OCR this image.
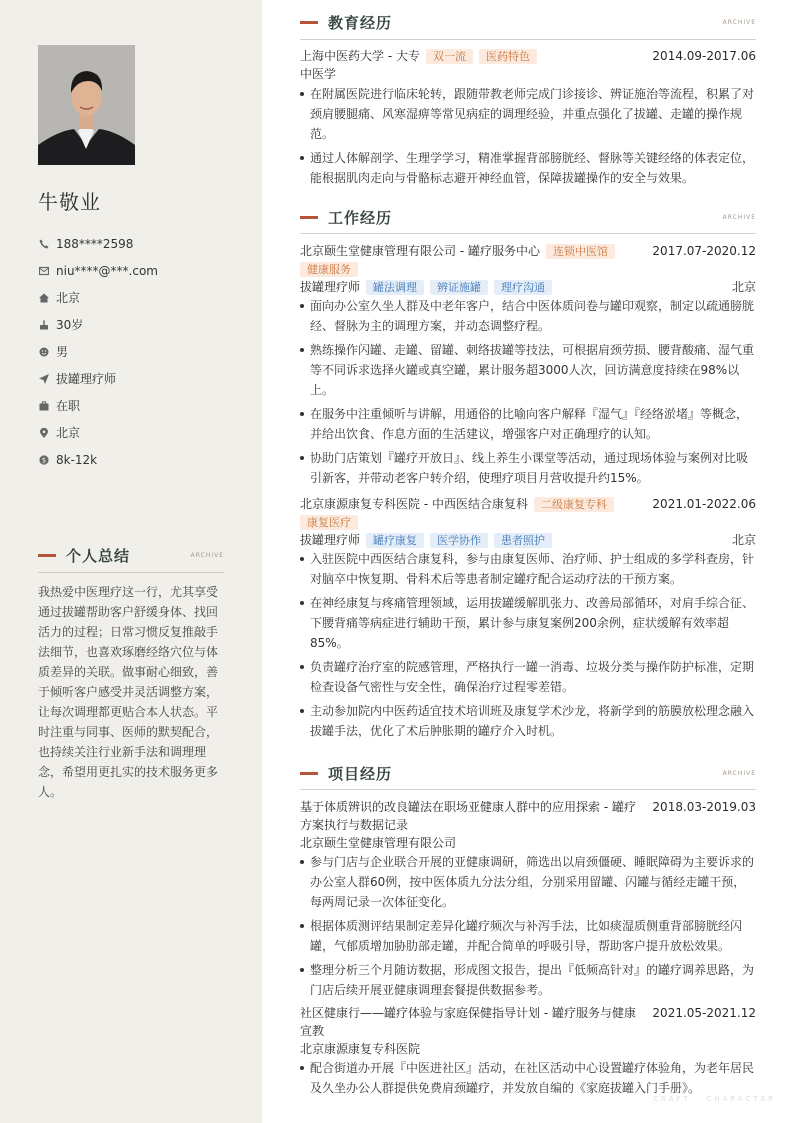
牛敬业
188****2598
niu****@***.com
北京
30岁
男
拔罐理疗师
在职
北京
$ 8k-12k
个人总结	ARCHIVE
我热爱中医理疗这一行，尤其享受通过拔罐帮助客户舒缓身体、找回活力的过程；日常习惯反复推敲手法细节，也喜欢琢磨经络穴位与体质差异的关联。做事耐心细致，善于倾听客户感受并灵活调整方案，让每次调理都更贴合本人状态。平时注重与同事、医师的默契配合，也持续关注行业新手法和调理理念，希望用更扎实的技术服务更多人。
教育经历	ARCHIVE
上海中医药大学 - 大专	双一流	医药特色	2014.09-2017.06
中医学
在附属医院进行临床轮转，跟随带教老师完成门诊接诊、辨证施治等流程，积累了对颈肩腰腿痛、风寒湿痹等常见病症的调理经验，并重点强化了拔罐、走罐的操作规范。
通过人体解剖学、生理学学习，精准掌握背部膀胱经、督脉等关键经络的体表定位，能根据肌肉走向与骨骼标志避开神经血管，保障拔罐操作的安全与效果。
工作经历	ARCHIVE
北京颐生堂健康管理有限公司 - 罐疗服务中心	连锁中医馆	2017.07-2020.12
健康服务
拔罐理疗师	罐法调理	辨证施罐	理疗沟通	北京
面向办公室久坐人群及中老年客户，结合中医体质问卷与罐印观察，制定以疏通膀胱经、督脉为主的调理方案，并动态调整疗程。
熟练操作闪罐、走罐、留罐、刺络拔罐等技法，可根据肩颈劳损、腰背酸痛、湿气重等不同诉求选择火罐或真空罐，累计服务超3000人次，回访满意度持续在98%以上。
在服务中注重倾听与讲解，用通俗的比喻向客户解释『湿气』『经络淤堵』等概念，并给出饮食、作息方面的生活建议，增强客户对正确理疗的认知。
协助门店策划『罐疗开放日』、线上养生小课堂等活动，通过现场体验与案例对比吸引新客，并带动老客户转介绍，使理疗项目月营收提升约15%。
北京康源康复专科医院 - 中西医结合康复科	二级康复专科	2021.01-2022.06
康复医疗
拔罐理疗师	罐疗康复	医学协作	患者照护	北京
入驻医院中西医结合康复科，参与由康复医师、治疗师、护士组成的多学科查房，针对脑卒中恢复期、骨科术后等患者制定罐疗配合运动疗法的干预方案。
在神经康复与疼痛管理领域，运用拔罐缓解肌张力、改善局部循环，对肩手综合征、下腰背痛等病症进行辅助干预，累计参与康复案例200余例，症状缓解有效率超85%。
负责罐疗治疗室的院感管理，严格执行一罐一消毒、垃圾分类与操作防护标准，定期检查设备气密性与安全性，确保治疗过程零差错。
主动参加院内中医药适宜技术培训班及康复学术沙龙，将新学到的筋膜放松理念融入拔罐手法，优化了术后肿胀期的罐疗介入时机。
项目经历	ARCHIVE
基于体质辨识的改良罐法在职场亚健康人群中的应用探索 - 罐疗
方案执行与数据记录
2018.03-2019.03
北京颐生堂健康管理有限公司
参与门店与企业联合开展的亚健康调研，筛选出以肩颈僵硬、睡眠障碍为主要诉求的办公室人群60例，按中医体质九分法分组，分别采用留罐、闪罐与循经走罐干预，每两周记录一次体征变化。
根据体质测评结果制定差异化罐疗频次与补泻手法，比如痰湿质侧重背部膀胱经闪罐，气郁质增加胁肋部走罐，并配合简单的呼吸引导，帮助客户提升放松效果。
整理分析三个月随访数据，形成图文报告，提出『低频高针对』的罐疗调养思路，为门店后续开展亚健康调理套餐提供数据参考。
社区健康行——罐疗体验与家庭保健指导计划 - 罐疗服务与健康
宣教
2021.05-2021.12
北京康源康复专科医院
配合街道办开展『中医进社区』活动，在社区活动中心设置罐疗体验角，为老年居民及久坐办公人群提供免费肩颈罐疗，并发放自编的《家庭拔罐入门手册》。
CRAFT · CHARACTER
